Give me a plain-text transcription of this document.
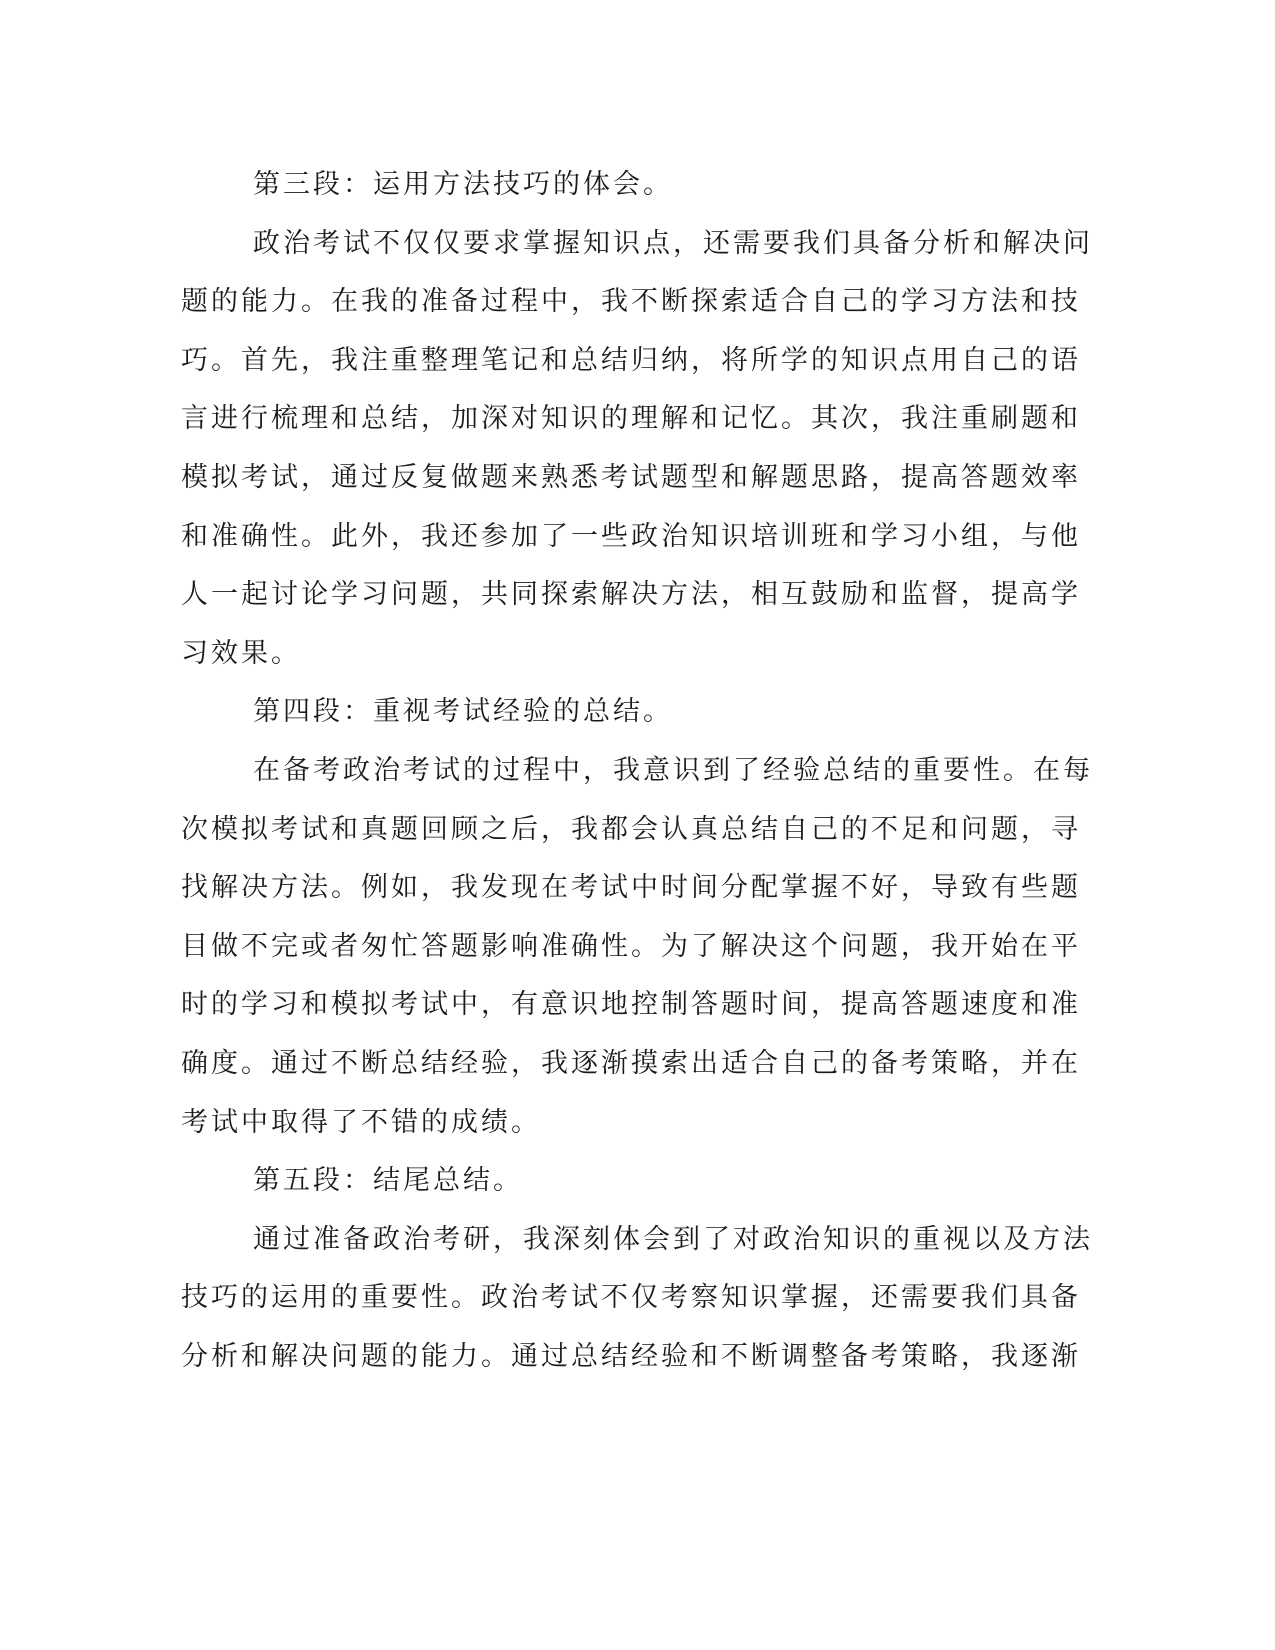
第三段：运用方法技巧的体会。
政治考试不仅仅要求掌握知识点，还需要我们具备分析和解决问
题的能力。在我的准备过程中，我不断探索适合自己的学习方法和技
巧。首先，我注重整理笔记和总结归纳，将所学的知识点用自己的语
言进行梳理和总结，加深对知识的理解和记忆。其次，我注重刷题和
模拟考试，通过反复做题来熟悉考试题型和解题思路，提高答题效率
和准确性。此外，我还参加了一些政治知识培训班和学习小组，与他
人一起讨论学习问题，共同探索解决方法，相互鼓励和监督，提高学
习效果。
第四段：重视考试经验的总结。
在备考政治考试的过程中，我意识到了经验总结的重要性。在每
次模拟考试和真题回顾之后，我都会认真总结自己的不足和问题，寻
找解决方法。例如，我发现在考试中时间分配掌握不好，导致有些题
目做不完或者匆忙答题影响准确性。为了解决这个问题，我开始在平
时的学习和模拟考试中，有意识地控制答题时间，提高答题速度和准
确度。通过不断总结经验，我逐渐摸索出适合自己的备考策略，并在
考试中取得了不错的成绩。
第五段：结尾总结。
通过准备政治考研，我深刻体会到了对政治知识的重视以及方法
技巧的运用的重要性。政治考试不仅考察知识掌握，还需要我们具备
分析和解决问题的能力。通过总结经验和不断调整备考策略，我逐渐
